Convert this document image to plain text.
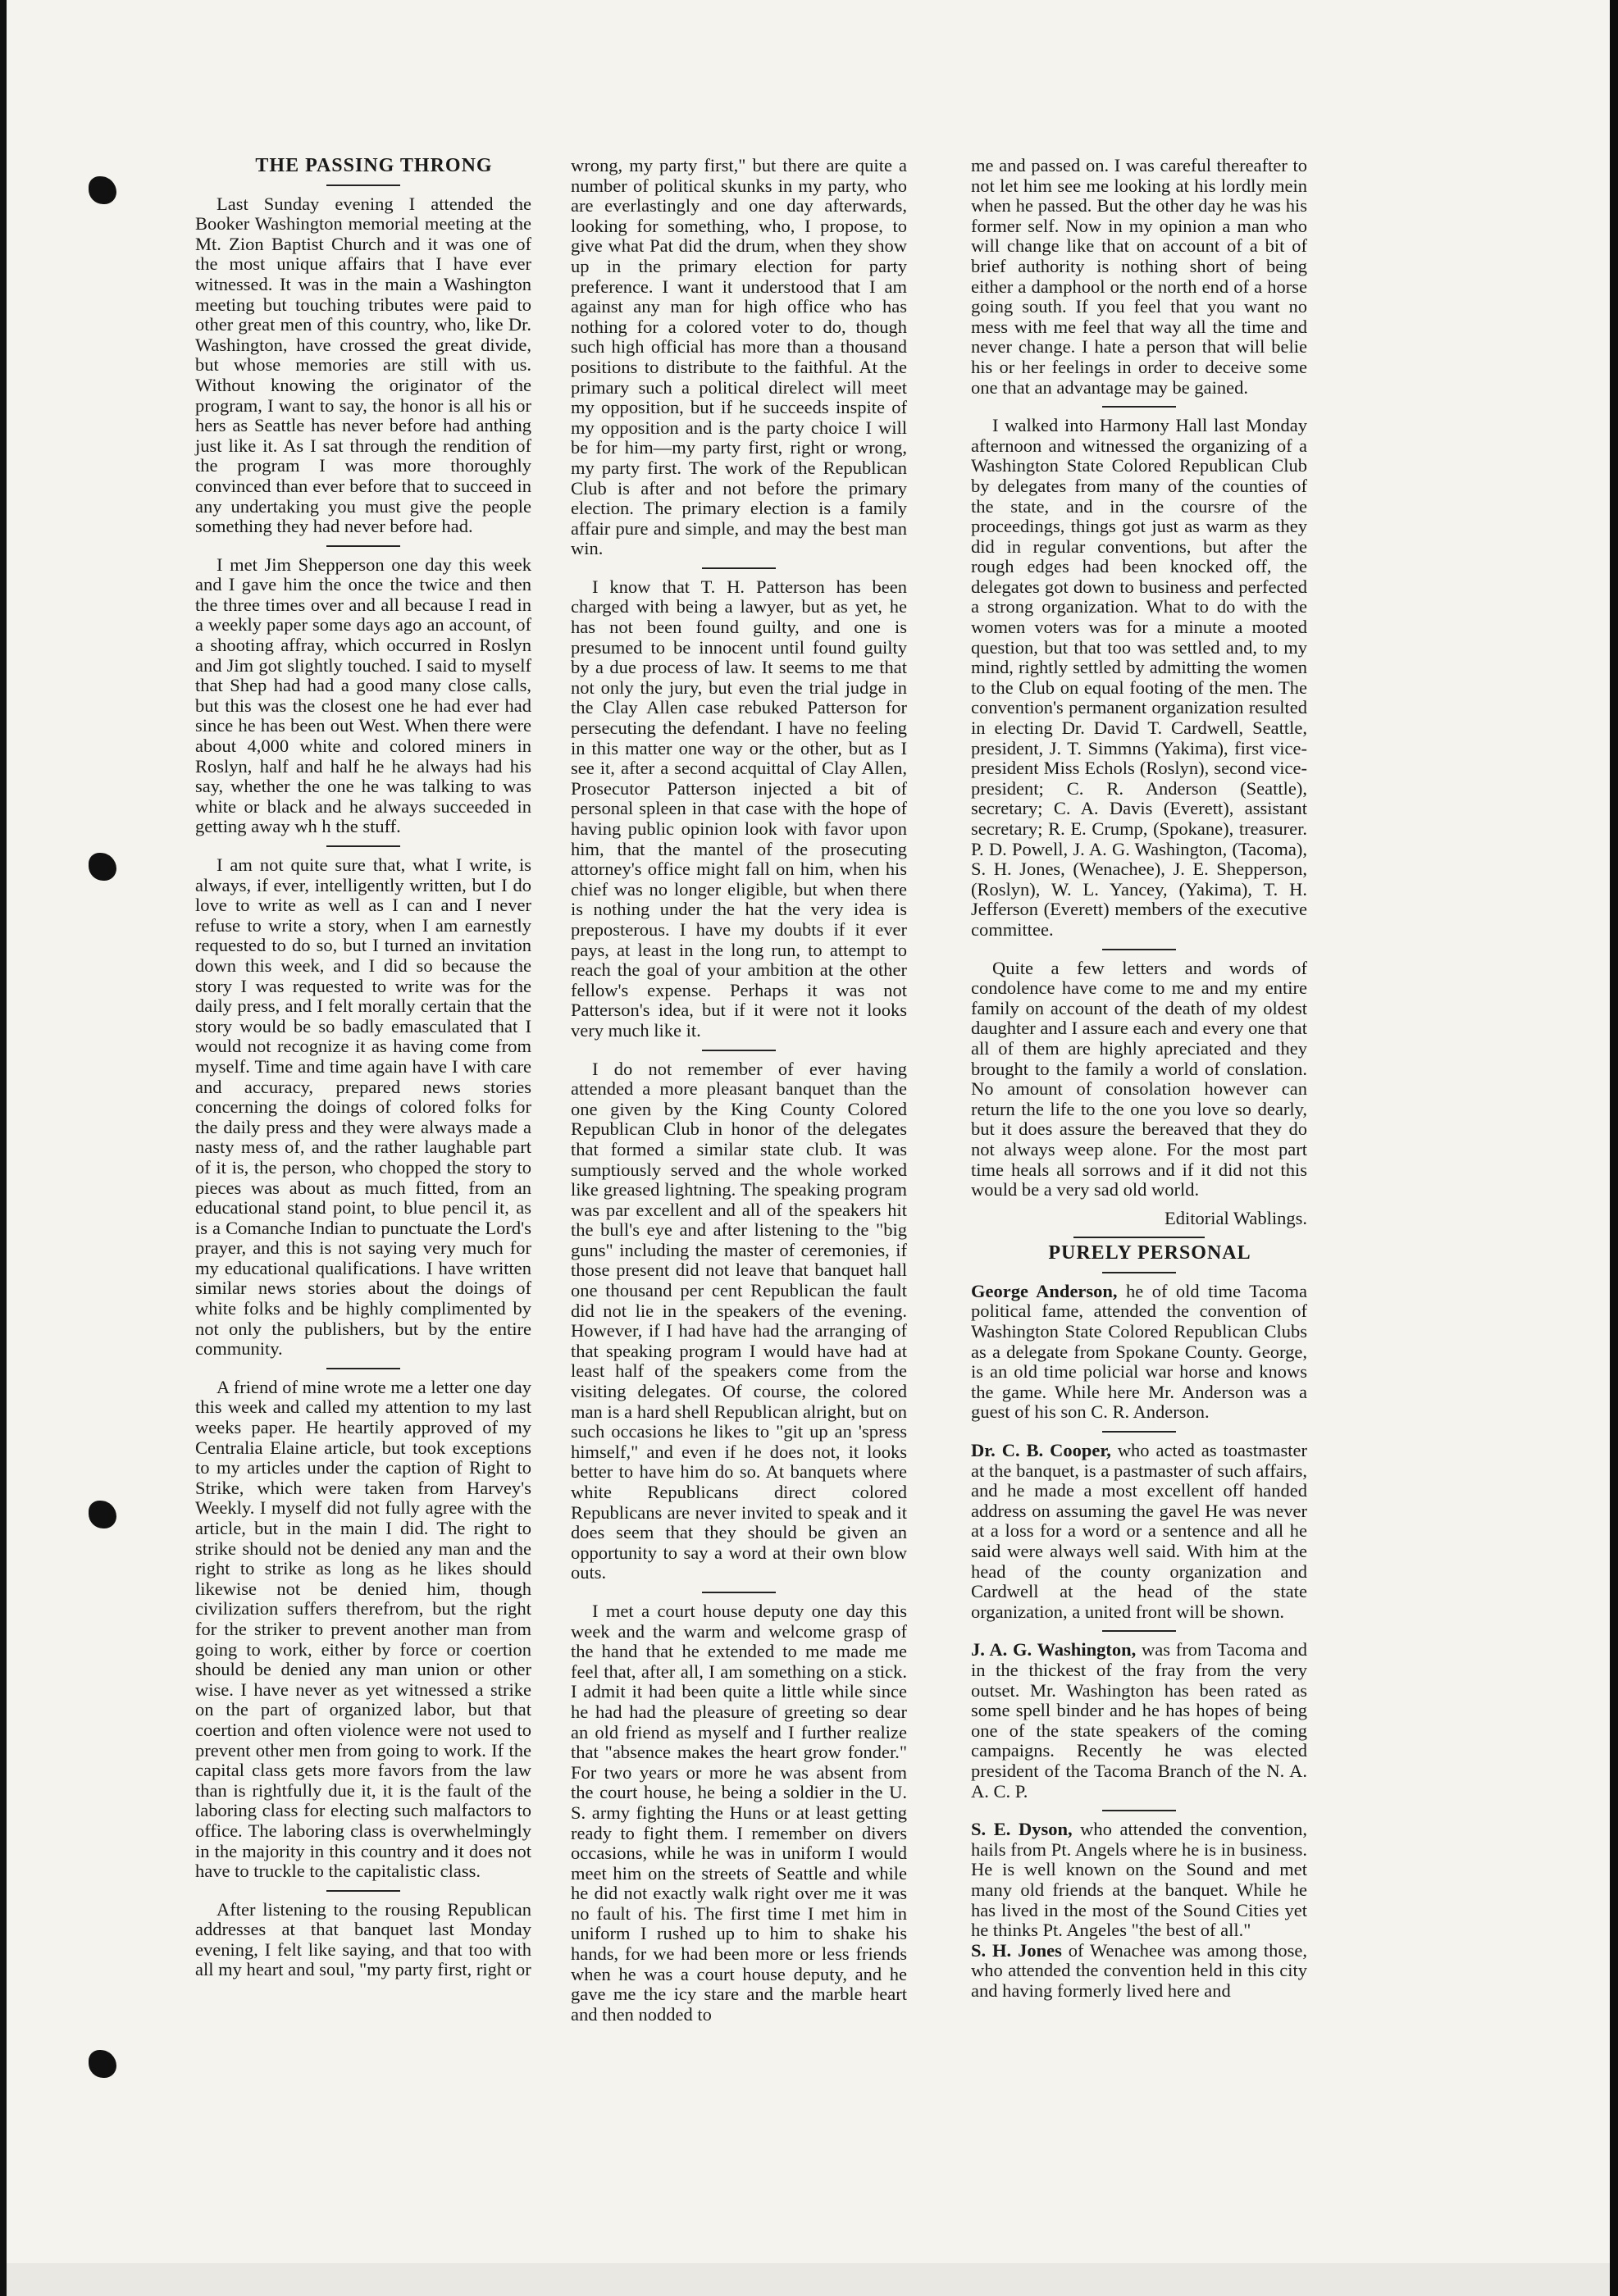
THE PASSING THRONG

Last Sunday evening I attended the Booker Washington memorial meeting at the Mt. Zion Baptist Church and it was one of the most unique affairs that I have ever witnessed. It was in the main a Washington meeting but touching tributes were paid to other great men of this country, who, like Dr. Washington, have crossed the great divide, but whose memories are still with us. Without knowing the originator of the program, I want to say, the honor is all his or hers as Seattle has never before had anthing just like it. As I sat through the rendition of the program I was more thoroughly convinced than ever before that to succeed in any undertaking you must give the people something they had never before had.

I met Jim Shepperson one day this week and I gave him the once the twice and then the three times over and all because I read in a weekly paper some days ago an account, of a shooting affray, which occurred in Roslyn and Jim got slightly touched. I said to myself that Shep had had a good many close calls, but this was the closest one he had ever had since he has been out West. When there were about 4,000 white and colored miners in Roslyn, half and half he he always had his say, whether the one he was talking to was white or black and he always succeeded in getting away wh h the stuff.

I am not quite sure that, what I write, is always, if ever, intelligently written, but I do love to write as well as I can and I never refuse to write a story, when I am earnestly requested to do so, but I turned an invitation down this week, and I did so because the story I was requested to write was for the daily press, and I felt morally certain that the story would be so badly emasculated that I would not recognize it as having come from myself. Time and time again have I with care and accuracy, prepared news stories concerning the doings of colored folks for the daily press and they were always made a nasty mess of, and the rather laughable part of it is, the person, who chopped the story to pieces was about as much fitted, from an educational stand point, to blue pencil it, as is a Comanche Indian to punctuate the Lord's prayer, and this is not saying very much for my educational qualifications. I have written similar news stories about the doings of white folks and be highly complimented by not only the publishers, but by the entire community.

A friend of mine wrote me a letter one day this week and called my attention to my last weeks paper. He heartily approved of my Centralia Elaine article, but took exceptions to my articles under the caption of Right to Strike, which were taken from Harvey's Weekly. I myself did not fully agree with the article, but in the main I did. The right to strike should not be denied any man and the right to strike as long as he likes should likewise not be denied him, though civilization suffers therefrom, but the right for the striker to prevent another man from going to work, either by force or coertion should be denied any man union or other wise. I have never as yet witnessed a strike on the part of organized labor, but that coertion and often violence were not used to prevent other men from going to work. If the capital class gets more favors from the law than is rightfully due it, it is the fault of the laboring class for electing such malfactors to office. The laboring class is overwhelmingly in the majority in this country and it does not have to truckle to the capitalistic class.

After listening to the rousing Republican addresses at that banquet last Monday evening, I felt like saying, and that too with all my heart and soul, "my party first, right or

wrong, my party first," but there are quite a number of political skunks in my party, who are everlastingly and one day afterwards, looking for something, who, I propose, to give what Pat did the drum, when they show up in the primary election for party preference. I want it understood that I am against any man for high office who has nothing for a colored voter to do, though such high official has more than a thousand positions to distribute to the faithful. At the primary such a political direlect will meet my opposition, but if he succeeds inspite of my opposition and is the party choice I will be for him—my party first, right or wrong, my party first. The work of the Republican Club is after and not before the primary election. The primary election is a family affair pure and simple, and may the best man win.

I know that T. H. Patterson has been charged with being a lawyer, but as yet, he has not been found guilty, and one is presumed to be innocent until found guilty by a due process of law. It seems to me that not only the jury, but even the trial judge in the Clay Allen case rebuked Patterson for persecuting the defendant. I have no feeling in this matter one way or the other, but as I see it, after a second acquittal of Clay Allen, Prosecutor Patterson injected a bit of personal spleen in that case with the hope of having public opinion look with favor upon him, that the mantel of the prosecuting attorney's office might fall on him, when his chief was no longer eligible, but when there is nothing under the hat the very idea is preposterous. I have my doubts if it ever pays, at least in the long run, to attempt to reach the goal of your ambition at the other fellow's expense. Perhaps it was not Patterson's idea, but if it were not it looks very much like it.

I do not remember of ever having attended a more pleasant banquet than the one given by the King County Colored Republican Club in honor of the delegates that formed a similar state club. It was sumptiously served and the whole worked like greased lightning. The speaking program was par excellent and all of the speakers hit the bull's eye and after listening to the "big guns" including the master of ceremonies, if those present did not leave that banquet hall one thousand per cent Republican the fault did not lie in the speakers of the evening. However, if I had have had the arranging of that speaking program I would have had at least half of the speakers come from the visiting delegates. Of course, the colored man is a hard shell Republican alright, but on such occasions he likes to "git up an 'spress himself," and even if he does not, it looks better to have him do so. At banquets where white Republicans direct colored Republicans are never invited to speak and it does seem that they should be given an opportunity to say a word at their own blow outs.

I met a court house deputy one day this week and the warm and welcome grasp of the hand that he extended to me made me feel that, after all, I am something on a stick. I admit it had been quite a little while since he had had the pleasure of greeting so dear an old friend as myself and I further realize that "absence makes the heart grow fonder." For two years or more he was absent from the court house, he being a soldier in the U. S. army fighting the Huns or at least getting ready to fight them. I remember on divers occasions, while he was in uniform I would meet him on the streets of Seattle and while he did not exactly walk right over me it was no fault of his. The first time I met him in uniform I rushed up to him to shake his hands, for we had been more or less friends when he was a court house deputy, and he gave me the icy stare and the marble heart and then nodded to

me and passed on. I was careful thereafter to not let him see me looking at his lordly mein when he passed. But the other day he was his former self. Now in my opinion a man who will change like that on account of a bit of brief authority is nothing short of being either a damphool or the north end of a horse going south. If you feel that you want no mess with me feel that way all the time and never change. I hate a person that will belie his or her feelings in order to deceive some one that an advantage may be gained.

I walked into Harmony Hall last Monday afternoon and witnessed the organizing of a Washington State Colored Republican Club by delegates from many of the counties of the state, and in the coursre of the proceedings, things got just as warm as they did in regular conventions, but after the rough edges had been knocked off, the delegates got down to business and perfected a strong organization. What to do with the women voters was for a minute a mooted question, but that too was settled and, to my mind, rightly settled by admitting the women to the Club on equal footing of the men. The convention's permanent organization resulted in electing Dr. David T. Cardwell, Seattle, president, J. T. Simmns (Yakima), first vice-president Miss Echols (Roslyn), second vice-president; C. R. Anderson (Seattle), secretary; C. A. Davis (Everett), assistant secretary; R. E. Crump, (Spokane), treasurer. P. D. Powell, J. A. G. Washington, (Tacoma), S. H. Jones, (Wenachee), J. E. Shepperson, (Roslyn), W. L. Yancey, (Yakima), T. H. Jefferson (Everett) members of the executive committee.

Quite a few letters and words of condolence have come to me and my entire family on account of the death of my oldest daughter and I assure each and every one that all of them are highly apreciated and they brought to the family a world of conslation. No amount of consolation however can return the life to the one you love so dearly, but it does assure the bereaved that they do not always weep alone. For the most part time heals all sorrows and if it did not this would be a very sad old world.

Editorial Wablings.

PURELY PERSONAL

George Anderson, he of old time Tacoma political fame, attended the convention of Washington State Colored Republican Clubs as a delegate from Spokane County. George, is an old time policial war horse and knows the game. While here Mr. Anderson was a guest of his son C. R. Anderson.

Dr. C. B. Cooper, who acted as toastmaster at the banquet, is a pastmaster of such affairs, and he made a most excellent off handed address on assuming the gavel He was never at a loss for a word or a sentence and all he said were always well said. With him at the head of the county organization and Cardwell at the head of the state organization, a united front will be shown.

J. A. G. Washington, was from Tacoma and in the thickest of the fray from the very outset. Mr. Washington has been rated as some spell binder and he has hopes of being one of the state speakers of the coming campaigns. Recently he was elected president of the Tacoma Branch of the N. A. A. C. P.

S. E. Dyson, who attended the convention, hails from Pt. Angels where he is in business. He is well known on the Sound and met many old friends at the banquet. While he has lived in the most of the Sound Cities yet he thinks Pt. Angeles "the best of all."

S. H. Jones of Wenachee was among those, who attended the convention held in this city and having formerly lived here and
